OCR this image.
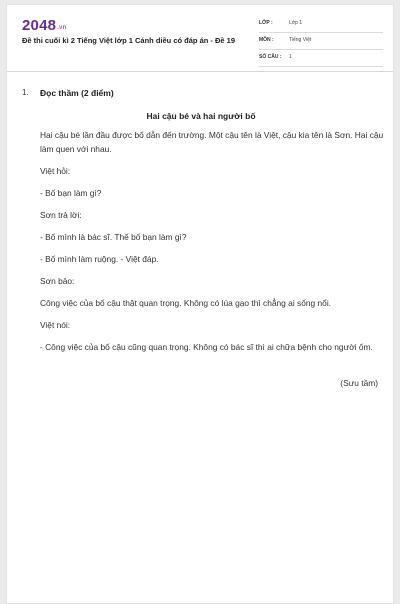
2048.vn
Đề thi cuối kì 2 Tiếng Việt lớp 1 Cánh diều có đáp án - Đề 19
LỚP :	Lớp 1
MÔN :	Tiếng Việt
SỐ CÂU : 1
1. Đọc thầm (2 điểm)
Hai cậu bé và hai người bố
Hai cậu bé lần đầu được bố dẫn đến trường. Một cậu tên là Việt, cậu kia tên là Sơn. Hai cậu làm quen với nhau.
Việt hỏi:
- Bố bạn làm gì?
Sơn trả lời:
- Bố mình là bác sĩ. Thế bố bạn làm gì?
- Bố mình làm ruộng. - Việt đáp.
Sơn bảo:
Công việc của bố cậu thật quan trọng. Không có lúa gạo thì chẳng ai sống nổi.
Việt nói:
- Công việc của bố cậu cũng quan trọng. Không có bác sĩ thì ai chữa bệnh cho người ốm.
(Sưu tầm)
